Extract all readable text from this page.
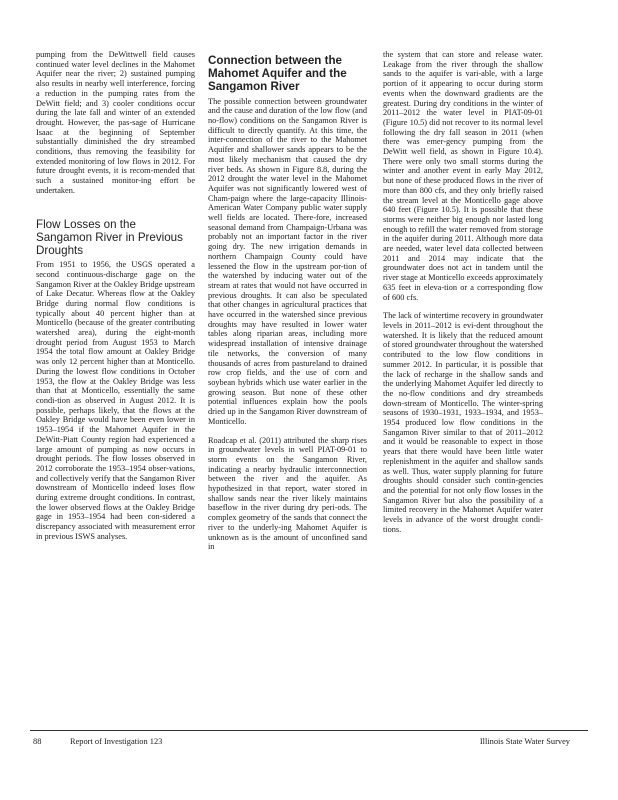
pumping from the DeWittwell field causes continued water level declines in the Mahomet Aquifer near the river; 2) sustained pumping also results in nearby well interference, forcing a reduction in the pumping rates from the DeWitt field; and 3) cooler conditions occur during the late fall and winter of an extended drought. However, the pas-sage of Hurricane Isaac at the beginning of September substantially diminished the dry streambed conditions, thus removing the feasibility for extended monitoring of low flows in 2012. For future drought events, it is recom-mended that such a sustained monitor-ing effort be undertaken.

Flow Losses on the Sangamon River in Previous Droughts

From 1951 to 1956, the USGS operated a second continuous-discharge gage on the Sangamon River at the Oakley Bridge upstream of Lake Decatur. Whereas flow at the Oakley Bridge during normal flow conditions is typically about 40 percent higher than at Monticello (because of the greater contributing watershed area), during the eight-month drought period from August 1953 to March 1954 the total flow amount at Oakley Bridge was only 12 percent higher than at Monticello. During the lowest flow conditions in October 1953, the flow at the Oakley Bridge was less than that at Monticello, essentially the same condi-tion as observed in August 2012. It is possible, perhaps likely, that the flows at the Oakley Bridge would have been even lower in 1953–1954 if the Mahomet Aquifer in the DeWitt-Piatt County region had experienced a large amount of pumping as now occurs in drought periods. The flow losses observed in 2012 corroborate the 1953–1954 obser-vations, and collectively verify that the Sangamon River downstream of Monticello indeed loses flow during extreme drought conditions. In contrast, the lower observed flows at the Oakley Bridge gage in 1953–1954 had been con-sidered a discrepancy associated with measurement error in previous ISWS analyses.

Connection between the Mahomet Aquifer and the Sangamon River

The possible connection between groundwater and the cause and duration of the low flow (and no-flow) conditions on the Sangamon River is difficult to directly quantify. At this time, the inter-connection of the river to the Mahomet Aquifer and shallower sands appears to be the most likely mechanism that caused the dry river beds. As shown in Figure 8.8, during the 2012 drought the water level in the Mahomet Aquifer was not significantly lowered west of Cham-paign where the large-capacity Illinois-American Water Company public water supply well fields are located. There-fore, increased seasonal demand from Champaign-Urbana was probably not an important factor in the river going dry. The new irrigation demands in northern Champaign County could have lessened the flow in the upstream por-tion of the watershed by inducing water out of the stream at rates that would not have occurred in previous droughts. It can also be speculated that other changes in agricultural practices that have occurred in the watershed since previous droughts may have resulted in lower water tables along riparian areas, including more widespread installation of intensive drainage tile networks, the conversion of many thousands of acres from pastureland to drained row crop fields, and the use of corn and soybean hybrids which use water earlier in the growing season. But none of these other potential influences explain how the pools dried up in the Sangamon River downstream of Monticello.

Roadcap et al. (2011) attributed the sharp rises in groundwater levels in well PIAT-09-01 to storm events on the Sangamon River, indicating a nearby hydraulic interconnection between the river and the aquifer. As hypothesized in that report, water stored in shallow sands near the river likely maintains baseflow in the river during dry peri-ods. The complex geometry of the sands that connect the river to the underly-ing Mahomet Aquifer is unknown as is the amount of unconfined sand in

the system that can store and release water. Leakage from the river through the shallow sands to the aquifer is vari-able, with a large portion of it appearing to occur during storm events when the downward gradients are the greatest. During dry conditions in the winter of 2011–2012 the water level in PIAT-09-01 (Figure 10.5) did not recover to its normal level following the dry fall season in 2011 (when there was emer-gency pumping from the DeWitt well field, as shown in Figure 10.4). There were only two small storms during the winter and another event in early May 2012, but none of these produced flows in the river of more than 800 cfs, and they only briefly raised the stream level at the Monticello gage above 640 feet (Figure 10.5). It is possible that these storms were neither big enough nor lasted long enough to refill the water removed from storage in the aquifer during 2011. Although more data are needed, water level data collected between 2011 and 2014 may indicate that the groundwater does not act in tandem until the river stage at Monticello exceeds approximately 635 feet in eleva-tion or a corresponding flow of 600 cfs.

The lack of wintertime recovery in groundwater levels in 2011–2012 is evi-dent throughout the watershed. It is likely that the reduced amount of stored groundwater throughout the watershed contributed to the low flow conditions in summer 2012. In particular, it is possible that the lack of recharge in the shallow sands and the underlying Mahomet Aquifer led directly to the no-flow conditions and dry streambeds down-stream of Monticello. The winter-spring seasons of 1930–1931, 1933–1934, and 1953–1954 produced low flow conditions in the Sangamon River similar to that of 2011–2012 and it would be reasonable to expect in those years that there would have been little water replenishment in the aquifer and shallow sands as well. Thus, water supply planning for future droughts should consider such contin-gencies and the potential for not only flow losses in the Sangamon River but also the possibility of a limited recovery in the Mahomet Aquifer water levels in advance of the worst drought condi-tions.

88	Report of Investigation 123	Illinois State Water Survey
